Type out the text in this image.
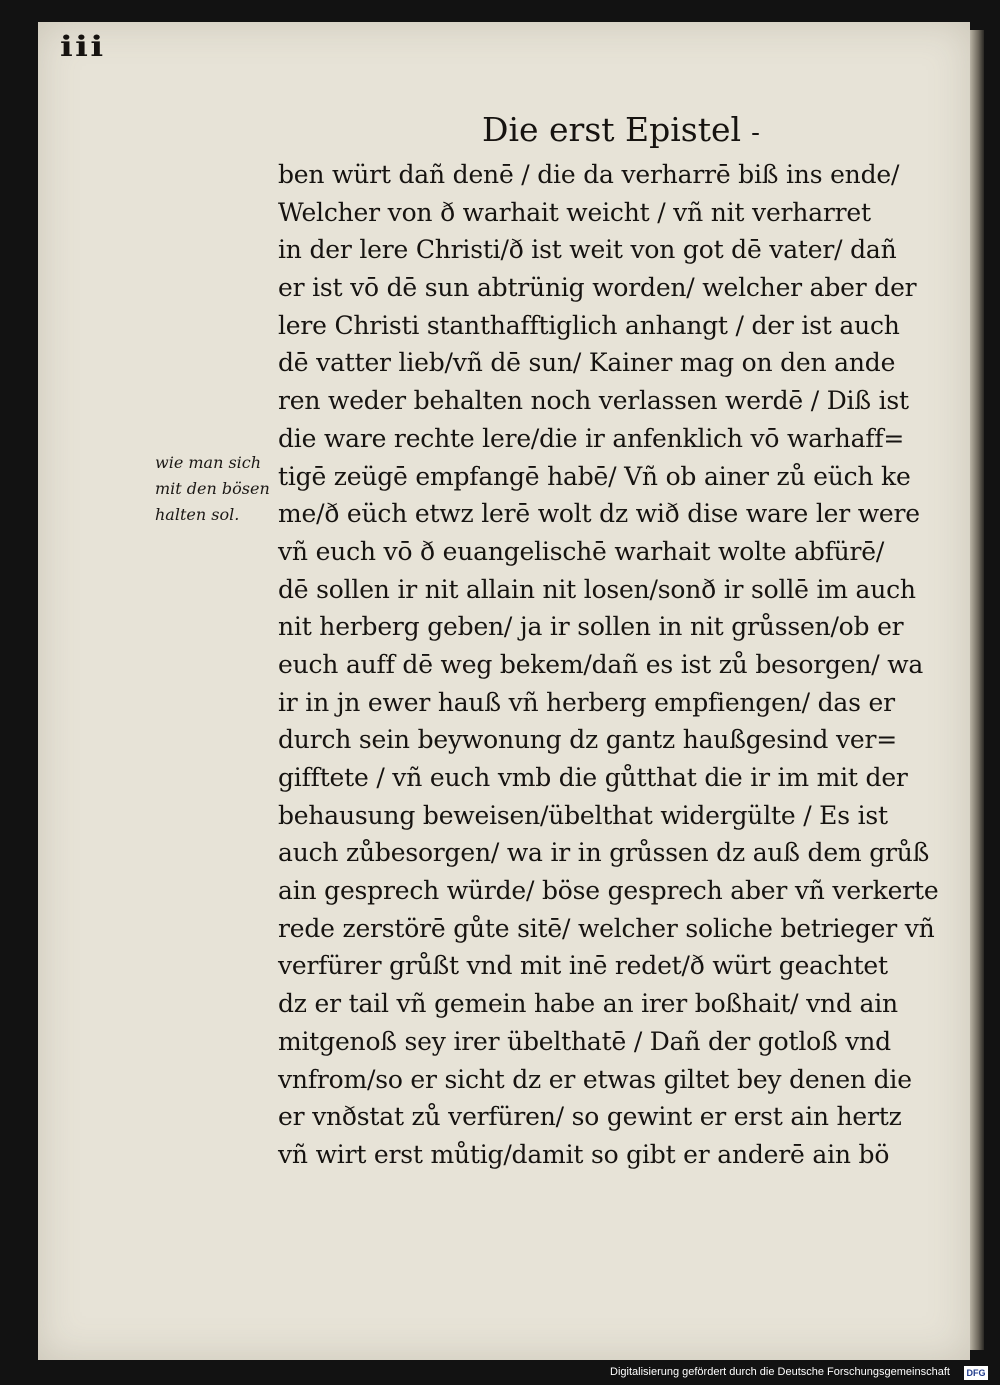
iii
Die erst Epistel -
wie man sich
mit den bösen
halten sol.
ben würt dañ denē / die da verharrē biß ins ende/
Welcher von ð warhait weicht / vñ nit verharret
in der lere Christi/ð ist weit von got dē vater/ dañ
er ist vō dē sun abtrünig worden/ welcher aber der
lere Christi stanthafftiglich anhangt / der ist auch
dē vatter lieb/vñ dē sun/ Kainer mag on den ande
ren weder behalten noch verlassen werdē / Diß ist
die ware rechte lere/die ir anfenklich vō warhaff=
tigē zeügē empfangē habē/ Vñ ob ainer zů eüch ke
me/ð eüch etwz lerē wolt dz wið dise ware ler were
vñ euch vō ð euangelischē warhait wolte abfürē/
dē sollen ir nit allain nit losen/sonð ir sollē im auch
nit herberg geben/ ja ir sollen in nit grůssen/ob er
euch auff dē weg bekem/dañ es ist zů besorgen/ wa
ir in jn ewer hauß vñ herberg empfiengen/ das er
durch sein beywonung dz gantz haußgesind ver=
gifftete / vñ euch vmb die gůtthat die ir im mit der
behausung beweisen/übelthat widergülte / Es ist
auch zůbesorgen/ wa ir in grůssen dz auß dem grůß
ain gesprech würde/ böse gesprech aber vñ verkerte
rede zerstörē gůte sitē/ welcher soliche betrieger vñ
verfürer grůßt vnd mit inē redet/ð würt geachtet
dz er tail vñ gemein habe an irer boßhait/ vnd ain
mitgenoß sey irer übelthatē / Dañ der gotloß vnd
vnfrom/so er sicht dz er etwas giltet bey denen die
er vnðstat zů verfüren/ so gewint er erst ain hertz
vñ wirt erst můtig/damit so gibt er anderē ain bö
Digitalisierung gefördert durch die Deutsche Forschungsgemeinschaft DFG
